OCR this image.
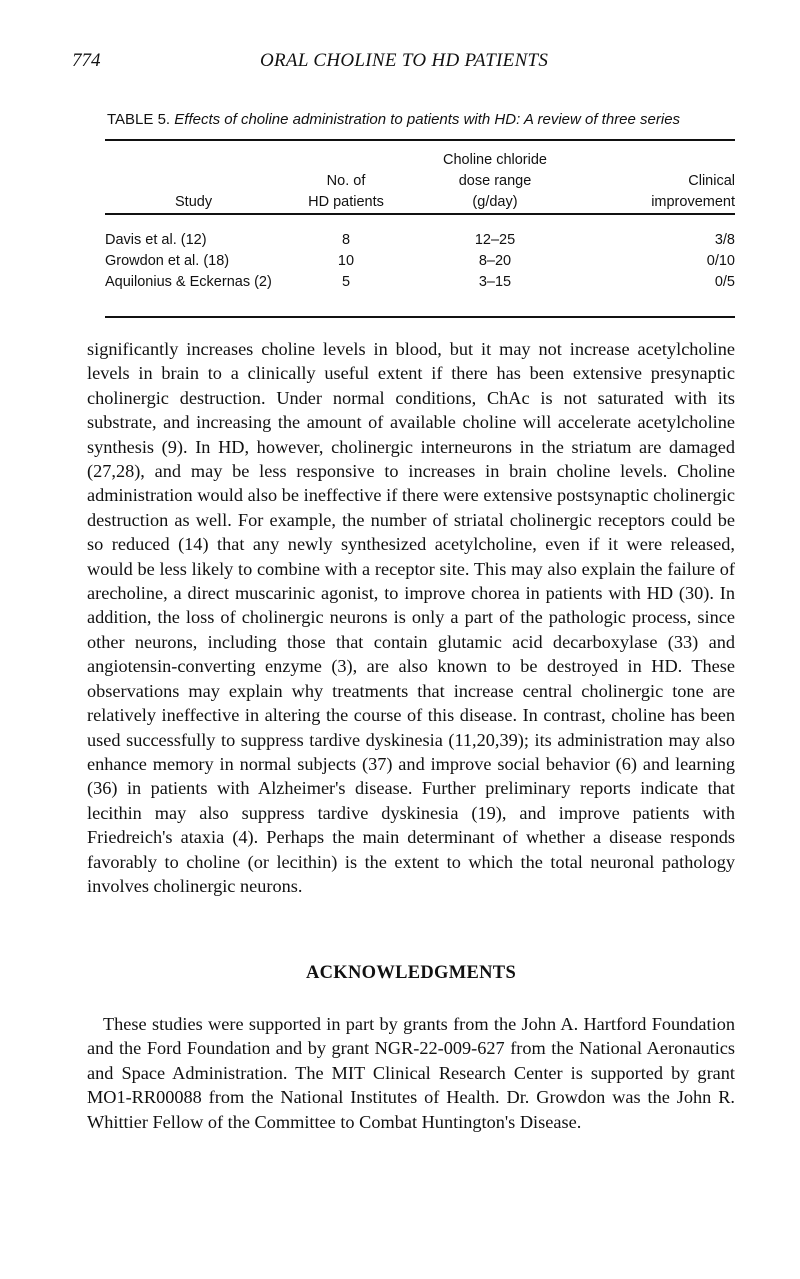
774	ORAL CHOLINE TO HD PATIENTS
TABLE 5. Effects of choline administration to patients with HD: A review of three series
Choline chloride
No. of	dose range	Clinical
Study	HD patients	(g/day)	improvement
Davis et al. (12)	8	12–25	3/8
Growdon et al. (18)	10	8–20	0/10
Aquilonius & Eckernas (2)	5	3–15	0/5

significantly increases choline levels in blood, but it may not increase acetylcholine levels in brain to a clinically useful extent if there has been extensive presynaptic cholinergic destruction. Under normal conditions, ChAc is not saturated with its substrate, and increasing the amount of available choline will accelerate acetylcholine synthesis (9). In HD, however, cholinergic interneurons in the striatum are damaged (27,28), and may be less responsive to increases in brain choline levels. Choline administration would also be ineffective if there were extensive postsynaptic cholinergic destruction as well. For example, the number of striatal cholinergic receptors could be so reduced (14) that any newly synthesized acetylcholine, even if it were released, would be less likely to combine with a receptor site. This may also explain the failure of arecholine, a direct muscarinic agonist, to improve chorea in patients with HD (30). In addition, the loss of cholinergic neurons is only a part of the pathologic process, since other neurons, including those that contain glutamic acid decarboxylase (33) and angiotensin-converting enzyme (3), are also known to be destroyed in HD. These observations may explain why treatments that increase central cholinergic tone are relatively ineffective in altering the course of this disease. In contrast, choline has been used successfully to suppress tardive dyskinesia (11,20,39); its administration may also enhance memory in normal subjects (37) and improve social behavior (6) and learning (36) in patients with Alzheimer's disease. Further preliminary reports indicate that lecithin may also suppress tardive dyskinesia (19), and improve patients with Friedreich's ataxia (4). Perhaps the main determinant of whether a disease responds favorably to choline (or lecithin) is the extent to which the total neuronal pathology involves cholinergic neurons.

ACKNOWLEDGMENTS

These studies were supported in part by grants from the John A. Hartford Foundation and the Ford Foundation and by grant NGR-22-009-627 from the National Aeronautics and Space Administration. The MIT Clinical Research Center is supported by grant MO1-RR00088 from the National Institutes of Health. Dr. Growdon was the John R. Whittier Fellow of the Committee to Combat Huntington's Disease.
